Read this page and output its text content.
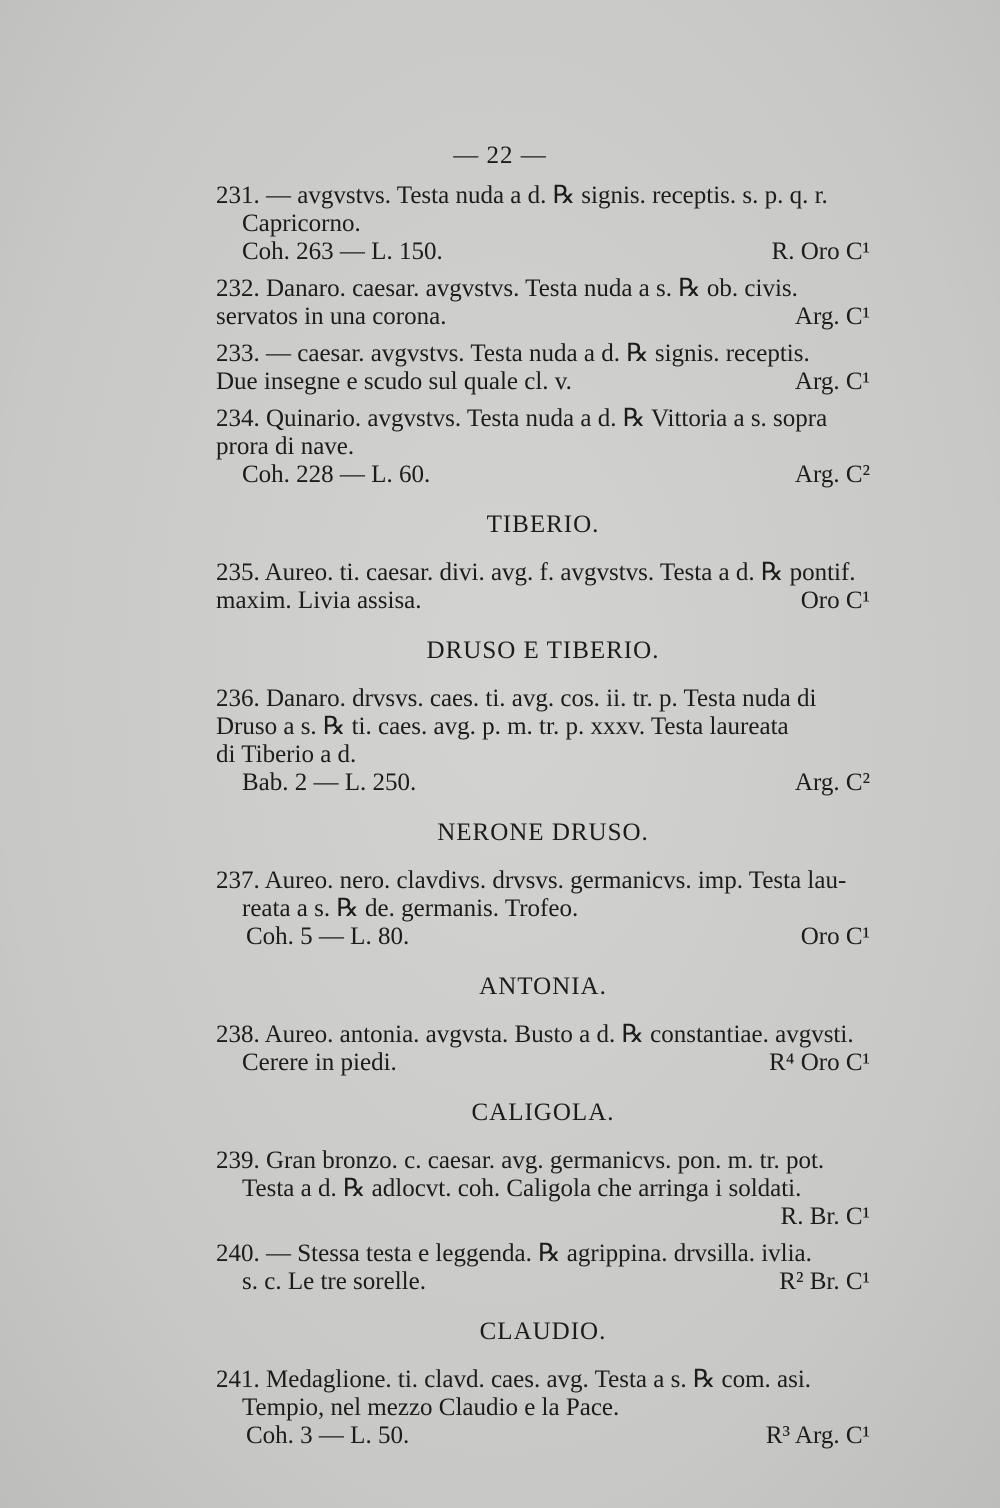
— 22 —
231. — avgvstvs. Testa nuda a d. ℞ signis. receptis. s. p. q. r.
Capricorno.
Coh. 263 — L. 150.	R. Oro C¹
232. Danaro. caesar. avgvstvs. Testa nuda a s. ℞ ob. civis.
servatos in una corona.	Arg. C¹
233. — caesar. avgvstvs. Testa nuda a d. ℞ signis. receptis.
Due insegne e scudo sul quale cl. v.	Arg. C¹
234. Quinario. avgvstvs. Testa nuda a d. ℞ Vittoria a s. sopra
prora di nave.
Coh. 228 — L. 60.	Arg. C²
TIBERIO.
235. Aureo. ti. caesar. divi. avg. f. avgvstvs. Testa a d. ℞ pontif.
maxim. Livia assisa.	Oro C¹
DRUSO E TIBERIO.
236. Danaro. drvsvs. caes. ti. avg. cos. ii. tr. p. Testa nuda di
Druso a s. ℞ ti. caes. avg. p. m. tr. p. xxxv. Testa laureata
di Tiberio a d.
Bab. 2 — L. 250.	Arg. C²
NERONE DRUSO.
237. Aureo. nero. clavdivs. drvsvs. germanicvs. imp. Testa lau-
reata a s. ℞ de. germanis. Trofeo.
Coh. 5 — L. 80.	Oro C¹
ANTONIA.
238. Aureo. antonia. avgvsta. Busto a d. ℞ constantiae. avgvsti.
Cerere in piedi.	R⁴ Oro C¹
CALIGOLA.
239. Gran bronzo. c. caesar. avg. germanicvs. pon. m. tr. pot.
Testa a d. ℞ adlocvt. coh. Caligola che arringa i soldati.
R. Br. C¹
240. — Stessa testa e leggenda. ℞ agrippina. drvsilla. ivlia.
s. c. Le tre sorelle.	R² Br. C¹
CLAUDIO.
241. Medaglione. ti. clavd. caes. avg. Testa a s. ℞ com. asi.
Tempio, nel mezzo Claudio e la Pace.
Coh. 3 — L. 50.	R³ Arg. C¹
